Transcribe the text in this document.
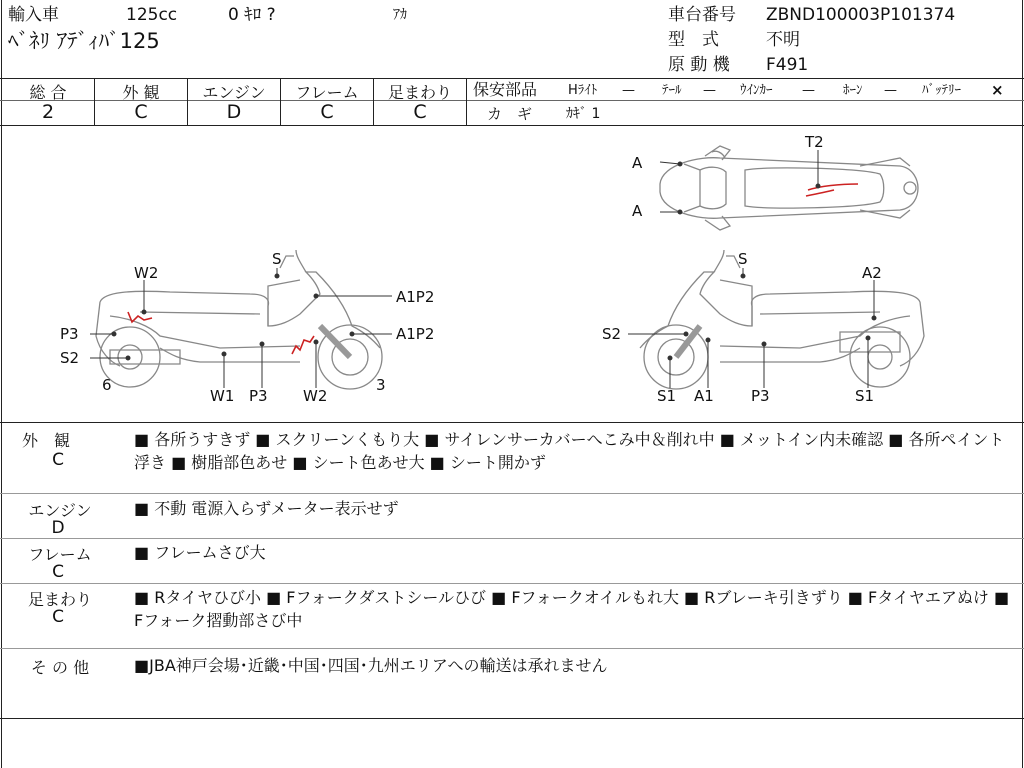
輸入車	125cc	0 ｷﾛ ?	ｱｶ
ﾍﾞﾈﾘ ｱﾃﾞｨﾊﾞ125
車台番号 ZBND100003P101374
型　式	不明
原 動 機 F491
総 合
2
外 観
C
エンジン
D
フレーム
C
足まわり
C
保安部品 Hﾗｲﾄ — ﾃｰﾙ — ｳｲﾝｶｰ — ﾎｰﾝ — ﾊﾞｯﾃﾘｰ ×
カ　ギ ｶｷﾞ 1
T2
A
A
S
W2
A1P2
P3	A1P2
S2
6	3
W1 P3 W2
S
A2
S2
S1 A1 P3	S1
外　観
C
■ 各所うすきず ■ スクリーンくもり大 ■ サイレンサーカバーへこみ中＆削れ中 ■ メットイン内未確認 ■ 各所ペイント浮き ■ 樹脂部色あせ ■ シート色あせ大 ■ シート開かず
エンジン
D
■ 不動 電源入らずメーター表示せず
フレーム
C
■ フレームさび大
足まわり
C
■ Rタイヤひび小 ■ Fフォークダストシールひび ■ Fフォークオイルもれ大 ■ Rブレーキ引きずり ■ Fタイヤエアぬけ ■ Fフォーク摺動部さび中
そ の 他	■JBA神戸会場･近畿･中国･四国･九州エリアへの輸送は承れません
